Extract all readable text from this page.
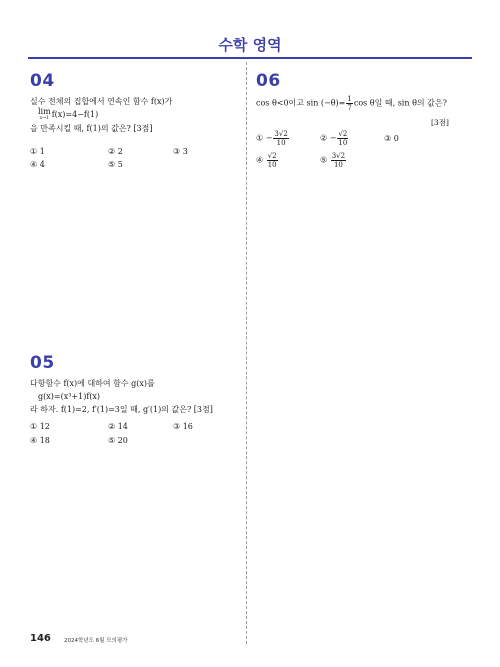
수학 영역
04
실수 전체의 집합에서 연속인 함수 f(x)가
lim
x→1 f(x)=4−f(1)
을 만족시킬 때, f(1)의 값은? [3점]
① 1	② 2	③ 3
④ 4	⑤ 5
05
다항함수 f(x)에 대하여 함수 g(x)를
g(x)=(x³+1)f(x)
라 하자. f(1)=2, f′(1)=3일 때, g′(1)의 값은? [3점]
① 12	② 14	③ 16
④ 18	⑤ 20
06
cos θ<0이고 $\sin (-\theta)= \frac{1}{7}$ cos θ일 때, sin θ의 값은?
[3점]
① − $\frac{3√2}{10}$	② − $\frac{√2}{10}$	③ 0
④ $\frac{√2}{10}$	⑤ $\frac{3√2}{10}$
146 2024학년도 6월 모의평가
